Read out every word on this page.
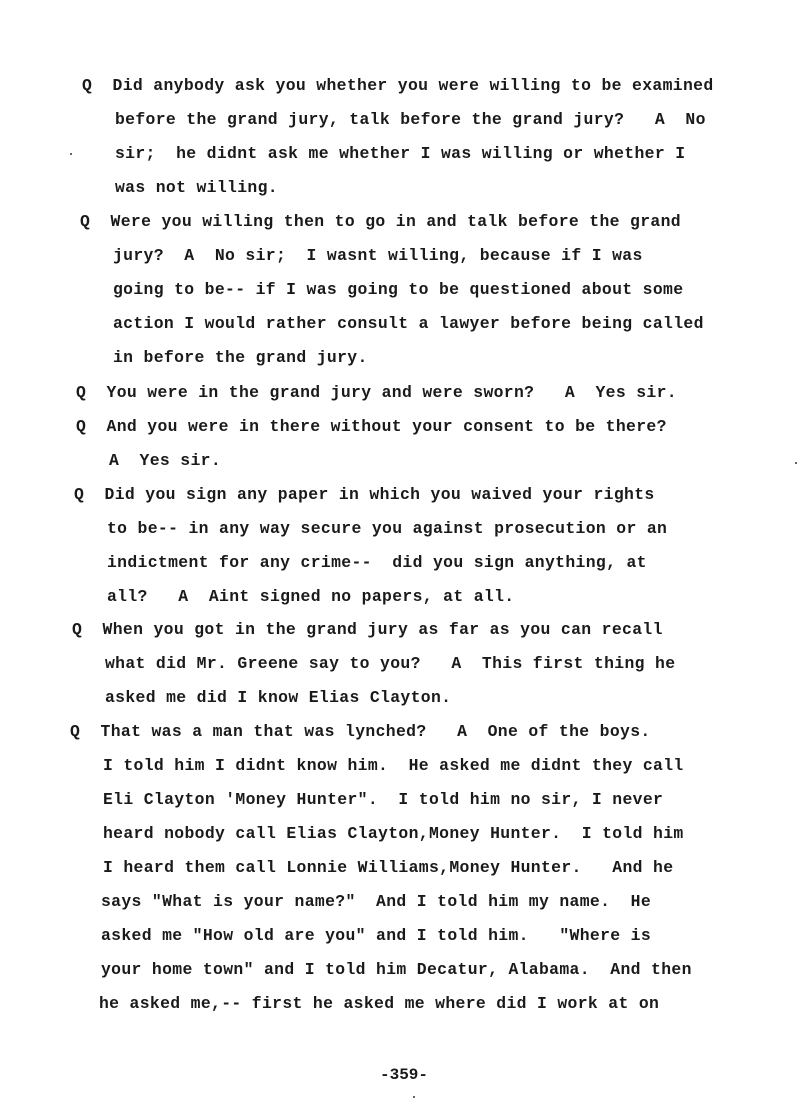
Q  Did anybody ask you whether you were willing to be examined
before the grand jury, talk before the grand jury?   A  No
sir;  he didnt ask me whether I was willing or whether I
was not willing.
Q  Were you willing then to go in and talk before the grand
jury?  A  No sir;  I wasnt willing, because if I was
going to be-- if I was going to be questioned about some
action I would rather consult a lawyer before being called
in before the grand jury.
Q  You were in the grand jury and were sworn?   A  Yes sir.
Q  And you were in there without your consent to be there?
A  Yes sir.
Q  Did you sign any paper in which you waived your rights
to be-- in any way secure you against prosecution or an
indictment for any crime--  did you sign anything, at
all?   A  Aint signed no papers, at all.
Q  When you got in the grand jury as far as you can recall
what did Mr. Greene say to you?   A  This first thing he
asked me did I know Elias Clayton.
Q  That was a man that was lynched?   A  One of the boys.
I told him I didnt know him.  He asked me didnt they call
Eli Clayton 'Money Hunter".  I told him no sir, I never
heard nobody call Elias Clayton,Money Hunter.  I told him
I heard them call Lonnie Williams,Money Hunter.   And he
says "What is your name?"  And I told him my name.  He
asked me "How old are you" and I told him.   "Where is
your home town" and I told him Decatur, Alabama.  And then
he asked me,-- first he asked me where did I work at on
-359-
